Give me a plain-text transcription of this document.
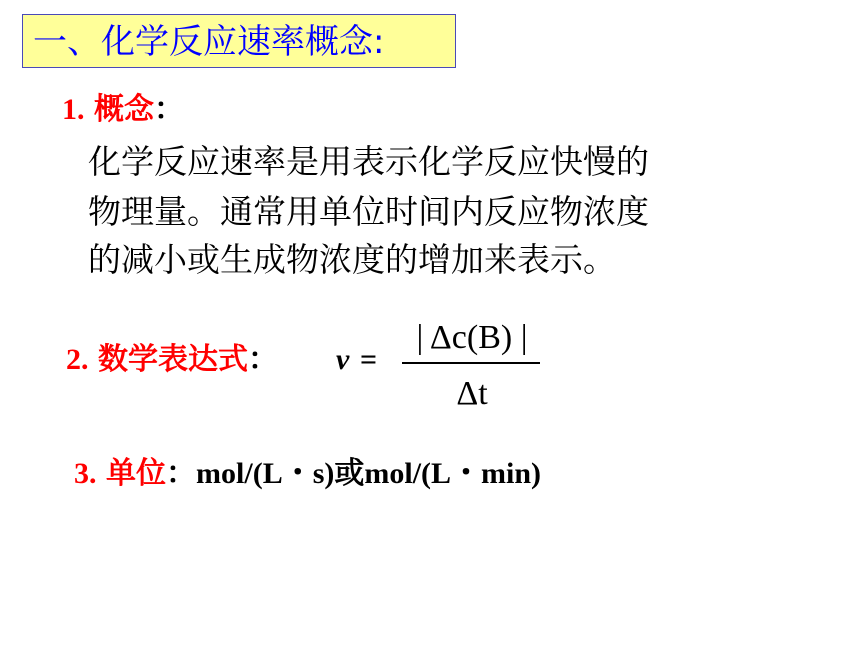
一、化学反应速率概念:
1. 概念：
化学反应速率是用表示化学反应快慢的
物理量。通常用单位时间内反应物浓度
的减小或生成物浓度的增加来表示。
2. 数学表达式： v =
| Δc(B) |
Δt
3. 单位：mol/(L・s)或mol/(L・min)
